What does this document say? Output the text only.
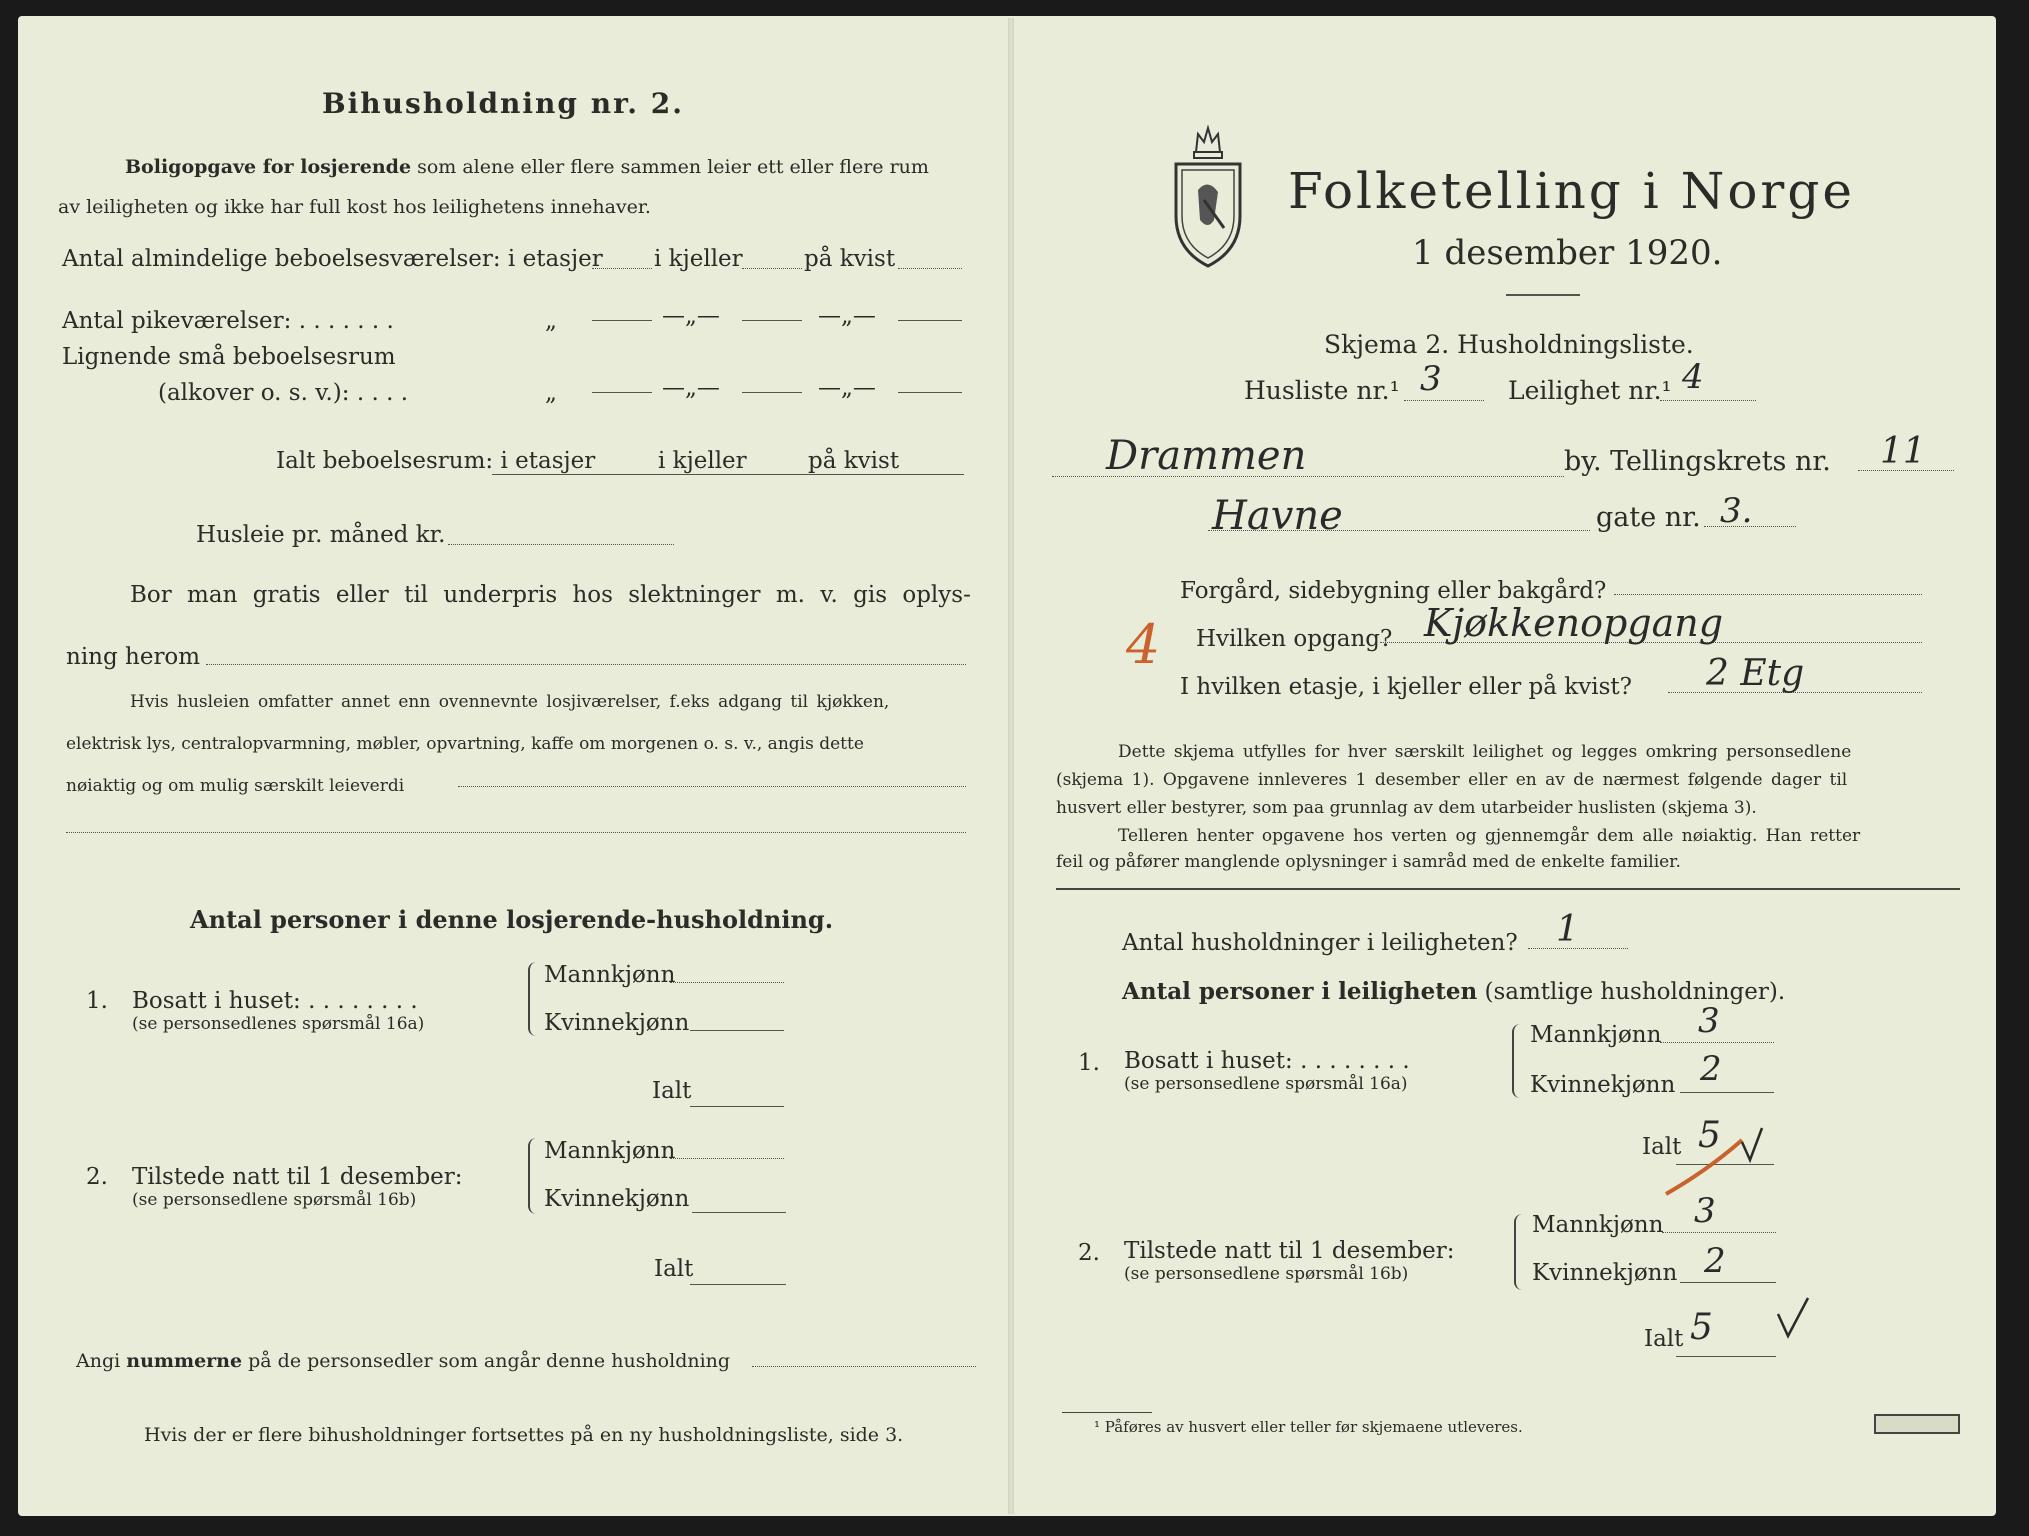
Bihusholdning nr. 2.
Boligopgave for losjerende som alene eller flere sammen leier ett eller flere rum
av leiligheten og ikke har full kost hos leilighetens innehaver.
Antal almindelige beboelsesværelser: i etasjer i kjeller	på kvist
Antal pikeværelser: . . . . . . .	„	—„—	—„—
Lignende små beboelsesrum
(alkover o. s. v.): . . . .	„	—„—	—„—
Ialt beboelsesrum: i etasjer	i kjeller	på kvist
Husleie pr. måned kr.
Bor man gratis eller til underpris hos slektninger m. v. gis oplys-
ning herom
Hvis husleien omfatter annet enn ovennevnte losjiværelser, f.eks adgang til kjøkken,
elektrisk lys, centralopvarmning, møbler, opvartning, kaffe om morgenen o. s. v., angis dette
nøiaktig og om mulig særskilt leieverdi
Antal personer i denne losjerende-husholdning.
1. Bosatt i huset: . . . . . . . .
(se personsedlenes spørsmål 16a)
Mannkjønn
Kvinnekjønn
Ialt
2. Tilstede natt til 1 desember:
(se personsedlene spørsmål 16b)
Mannkjønn
Kvinnekjønn
Ialt
Angi nummerne på de personsedler som angår denne husholdning
Hvis der er flere bihusholdninger fortsettes på en ny husholdningsliste, side 3.
Folketelling i Norge
1 desember 1920.
Skjema 2. Husholdningsliste.
Husliste nr.¹ 3	Leilighet nr.¹ 4
Drammen	by. Tellingskrets nr. 11
Havne	gate nr. 3.
Forgård, sidebygning eller bakgård?
4 Hvilken opgang? Kjøkkenopgang
I hvilken etasje, i kjeller eller på kvist? 2 Etg
Dette skjema utfylles for hver særskilt leilighet og legges omkring personsedlene
(skjema 1). Opgavene innleveres 1 desember eller en av de nærmest følgende dager til
husvert eller bestyrer, som paa grunnlag av dem utarbeider huslisten (skjema 3).
Telleren henter opgavene hos verten og gjennemgår dem alle nøiaktig. Han retter
feil og påfører manglende oplysninger i samråd med de enkelte familier.
Antal husholdninger i leiligheten? 1
Antal personer i leiligheten (samtlige husholdninger).
1. Bosatt i huset: . . . . . . . .
(se personsedlene spørsmål 16a)
Mannkjønn 3
Kvinnekjønn 2
Ialt 5
2. Tilstede natt til 1 desember:
(se personsedlene spørsmål 16b)
Mannkjønn 3
Kvinnekjønn 2
Ialt 5
¹ Påføres av husvert eller teller før skjemaene utleveres.
